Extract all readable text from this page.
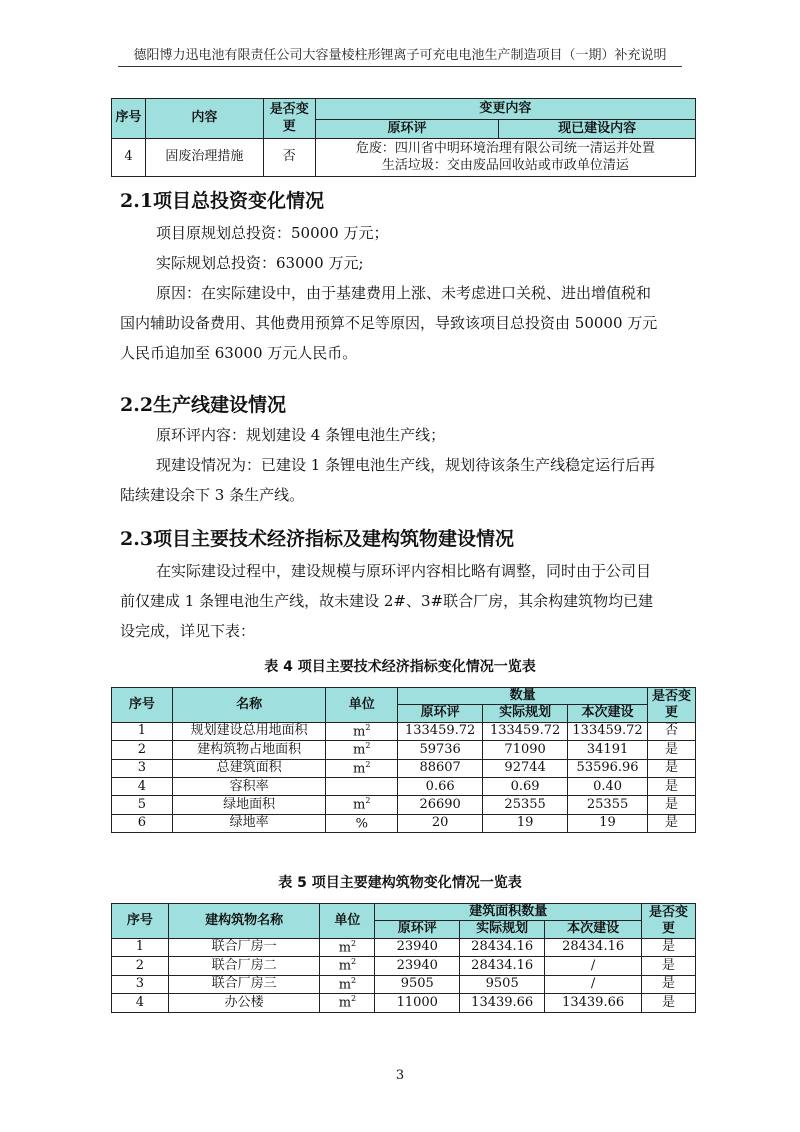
德阳博力迅电池有限责任公司大容量棱柱形锂离子可充电电池生产制造项目（一期）补充说明
序号	内容	是否变更	变更内容	
			原环评	现已建设内容
4	固废治理措施	否	危废：四川省中明环境治理有限公司统一清运并处置
生活垃圾：交由废品回收站或市政单位清运	
2.1项目总投资变化情况
项目原规划总投资：50000 万元；
实际规划总投资：63000 万元;
原因：在实际建设中，由于基建费用上涨、未考虑进口关税、进出增值税和
国内辅助设备费用、其他费用预算不足等原因，导致该项目总投资由 50000 万元
人民币追加至 63000 万元人民币。
2.2生产线建设情况
原环评内容：规划建设 4 条锂电池生产线；
现建设情况为：已建设 1 条锂电池生产线，规划待该条生产线稳定运行后再
陆续建设余下 3 条生产线。
2.3项目主要技术经济指标及建构筑物建设情况
在实际建设过程中，建设规模与原环评内容相比略有调整，同时由于公司目
前仅建成 1 条锂电池生产线，故未建设 2#、3#联合厂房，其余构建筑物均已建
设完成，详见下表：
表 4 项目主要技术经济指标变化情况一览表
序号	名称	单位	数量			是否变更
			原环评	实际规划	本次建设	
1	规划建设总用地面积	$m^2$	133459.72	133459.72	133459.72	否
2	建构筑物占地面积	$m^2$	59736	71090	34191	是
3	总建筑面积	$m^2$	88607	92744	53596.96	是
4	容积率		0.66	0.69	0.40	是
5	绿地面积	$m^2$	26690	25355	25355	是
6	绿地率	%	20	19	19	是
表 5 项目主要建构筑物变化情况一览表
序号	建构筑物名称	单位	建筑面积数量			是否变更
			原环评	实际规划	本次建设	
1	联合厂房一	$m^2$	23940	28434.16	28434.16	是
2	联合厂房二	$m^2$	23940	28434.16	/	是
3	联合厂房三	$m^2$	9505	9505	/	是
4	办公楼	$m^2$	11000	13439.66	13439.66	是
3
